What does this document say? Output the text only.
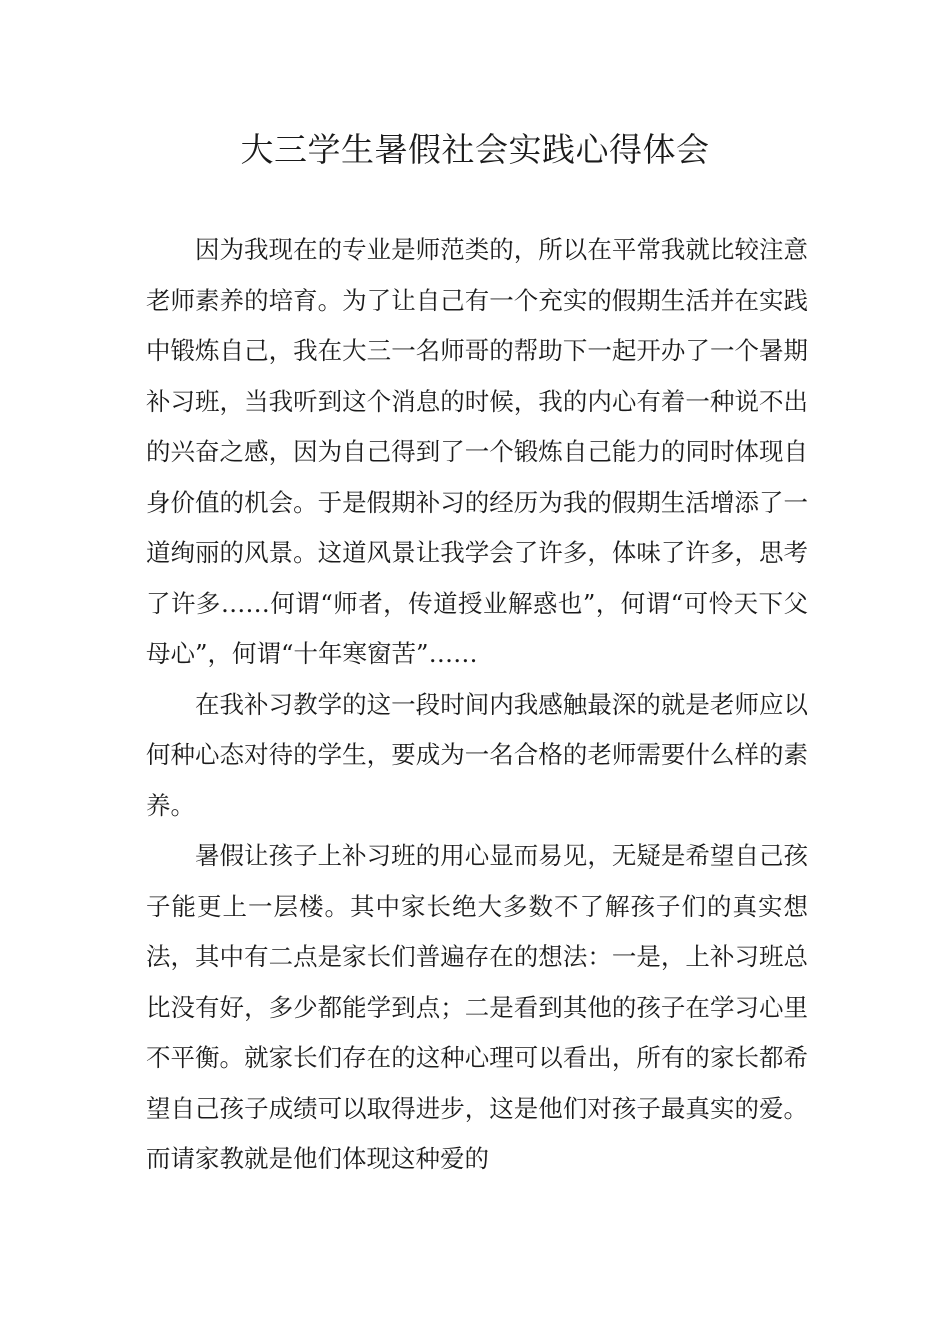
大三学生暑假社会实践心得体会

因为我现在的专业是师范类的，所以在平常我就比较注意老师素养的培育。为了让自己有一个充实的假期生活并在实践中锻炼自己，我在大三一名师哥的帮助下一起开办了一个暑期补习班，当我听到这个消息的时候，我的内心有着一种说不出的兴奋之感，因为自己得到了一个锻炼自己能力的同时体现自身价值的机会。于是假期补习的经历为我的假期生活增添了一道绚丽的风景。这道风景让我学会了许多，体味了许多，思考了许多……何谓“师者，传道授业解惑也”，何谓“可怜天下父母心”，何谓“十年寒窗苦”……

在我补习教学的这一段时间内我感触最深的就是老师应以何种心态对待的学生，要成为一名合格的老师需要什么样的素养。

暑假让孩子上补习班的用心显而易见，无疑是希望自己孩子能更上一层楼。其中家长绝大多数不了解孩子们的真实想法，其中有二点是家长们普遍存在的想法：一是，上补习班总比没有好，多少都能学到点；二是看到其他的孩子在学习心里不平衡。就家长们存在的这种心理可以看出，所有的家长都希望自己孩子成绩可以取得进步，这是他们对孩子最真实的爱。而请家教就是他们体现这种爱的
